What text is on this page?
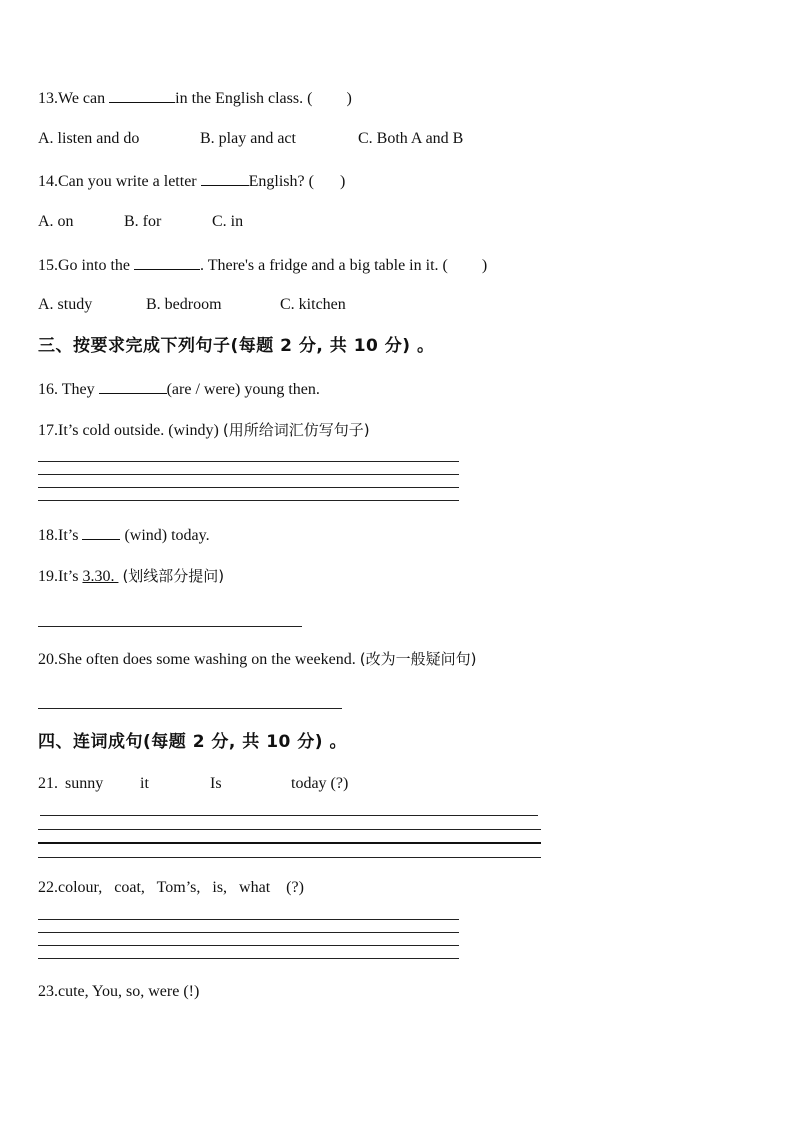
13.We can	in the English class. ( )
A. listen and do	B. play and act	C. Both A and B
14.Can you write a letter	English? ( )
A. on	B. for	C. in
15.Go into the	. There's a fridge and a big table in it. ( )
A. study	B. bedroom	C. kitchen
三、按要求完成下列句子(每题 2 分, 共 10 分) 。
16. They	(are / were) young then.
17.It’s cold outside. (windy) (用所给词汇仿写句子)
18.It’s  (wind) today.
19.It’s 3.30.  (划线部分提问)
20.She often does some washing on the weekend. (改为一般疑问句)
四、连词成句(每题 2 分, 共 10 分) 。
21. sunny it	Is	today (?)
22.colour,   coat,   Tom’s,   is,   what    (?)
23.cute, You, so, were (!)
